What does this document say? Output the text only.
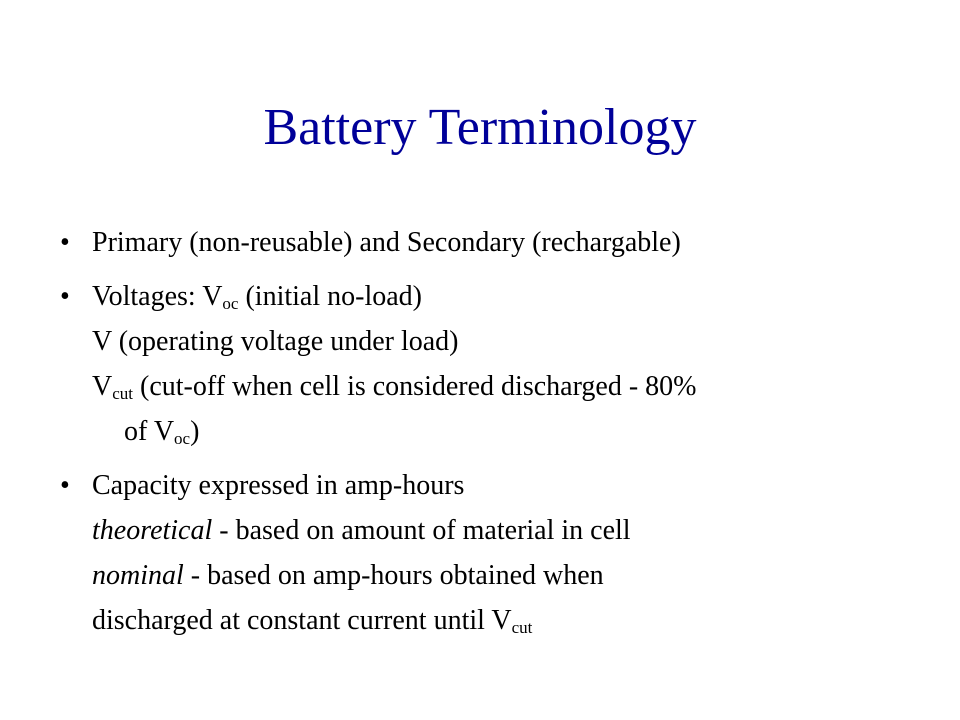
Battery Terminology
• Primary (non-reusable) and Secondary (rechargable)
• Voltages: $V_{oc}$ (initial no-load)
V (operating voltage under load)
$V_{cut}$ (cut-off when cell is considered discharged - 80%
of $V_{oc}$)
• Capacity expressed in amp-hours
theoretical - based on amount of material in cell
nominal - based on amp-hours obtained when
discharged at constant current until $V_{cut}$
